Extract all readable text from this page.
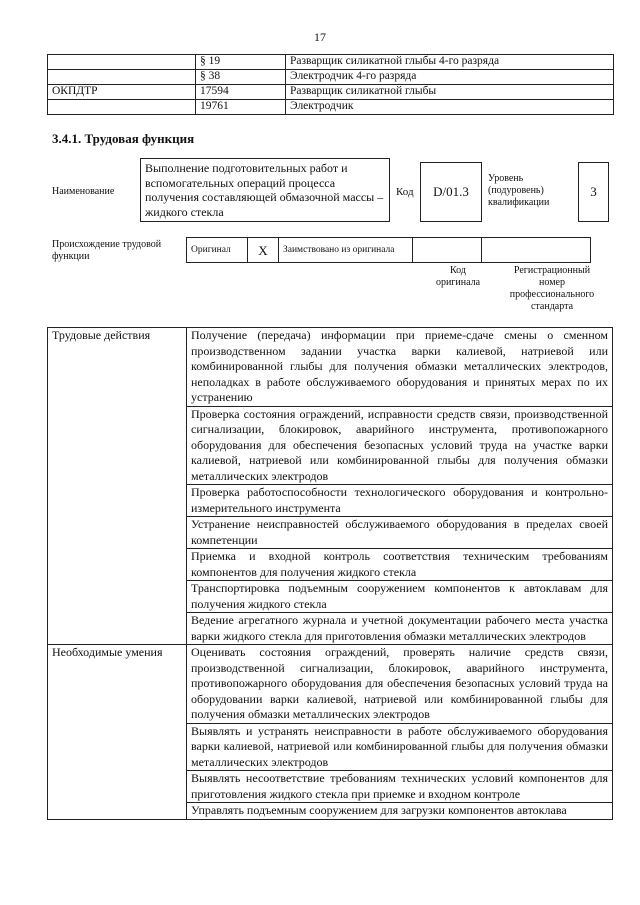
17
	§ 19	Разварщик силикатной глыбы 4-го разряда
	§ 38	Электродчик 4-го разряда
ОКПДТР	17594	Разварщик силикатной глыбы
	19761	Электродчик
3.4.1. Трудовая функция
Наименование
Выполнение подготовительных работ и вспомогательных операций процесса получения составляющей обмазочной массы – жидкого стекла
Код	D/01.3
Уровень (подуровень) квалификации
3
Происхождение трудовой функции
Оригинал	X	Заимствовано из оригинала		
Код оригинала
Регистрационный номер профессионального стандарта
Трудовые действия	Получение (передача) информации при приеме-сдаче смены о сменном производственном задании участка варки калиевой, натриевой или комбинированной глыбы для получения обмазки металлических электродов, неполадках в работе обслуживаемого оборудования и принятых мерах по их устранению
	Проверка состояния ограждений, исправности средств связи, производственной сигнализации, блокировок, аварийного инструмента, противопожарного оборудования для обеспечения безопасных условий труда на участке варки калиевой, натриевой или комбинированной глыбы для получения обмазки металлических электродов
	Проверка работоспособности технологического оборудования и контрольно-измерительного инструмента
	Устранение неисправностей обслуживаемого оборудования в пределах своей компетенции
	Приемка и входной контроль соответствия техническим требованиям компонентов для получения жидкого стекла
	Транспортировка подъемным сооружением компонентов к автоклавам для получения жидкого стекла
	Ведение агрегатного журнала и учетной документации рабочего места участка варки жидкого стекла для приготовления обмазки металлических электродов
Необходимые умения	Оценивать состояния ограждений, проверять наличие средств связи, производственной сигнализации, блокировок, аварийного инструмента, противопожарного оборудования для обеспечения безопасных условий труда на оборудовании варки калиевой, натриевой или комбинированной глыбы для получения обмазки металлических электродов
	Выявлять и устранять неисправности в работе обслуживаемого оборудования варки калиевой, натриевой или комбинированной глыбы для получения обмазки металлических электродов
	Выявлять несоответствие требованиям технических условий компонентов для приготовления жидкого стекла при приемке и входном контроле
	Управлять подъемным сооружением для загрузки компонентов автоклава
